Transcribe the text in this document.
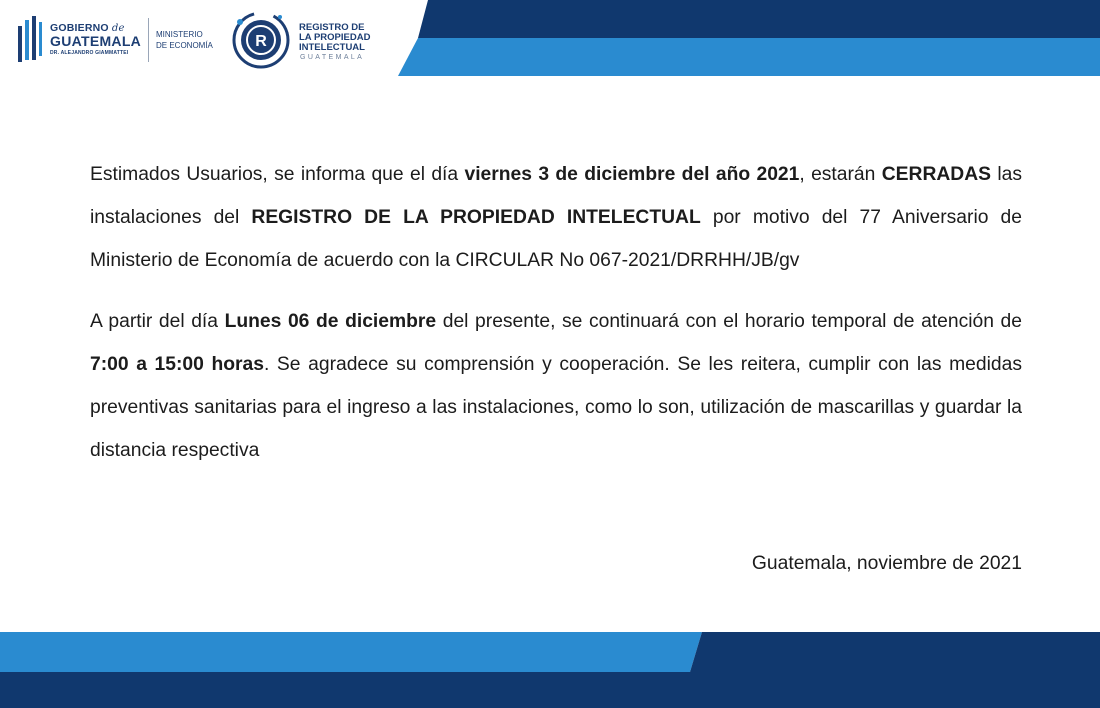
GOBIERNO de
GUATEMALA
DR. ALEJANDRO GIAMMATTEI
MINISTERIO
DE ECONOMÍA	R
REGISTRO DE
LA PROPIEDAD
INTELECTUAL
GUATEMALA

Estimados Usuarios, se informa que el día viernes 3 de diciembre del año 2021, estarán CERRADAS las instalaciones del REGISTRO DE LA PROPIEDAD INTELECTUAL por motivo del 77 Aniversario de Ministerio de Economía de acuerdo con la CIRCULAR No 067-2021/DRRHH/JB/gv

A partir del día Lunes 06 de diciembre del presente, se continuará con el horario temporal de atención de 7:00 a 15:00 horas. Se agradece su comprensión y cooperación. Se les reitera, cumplir con las medidas preventivas sanitarias para el ingreso a las instalaciones, como lo son, utilización de mascarillas y guardar la distancia respectiva

Guatemala, noviembre de 2021
